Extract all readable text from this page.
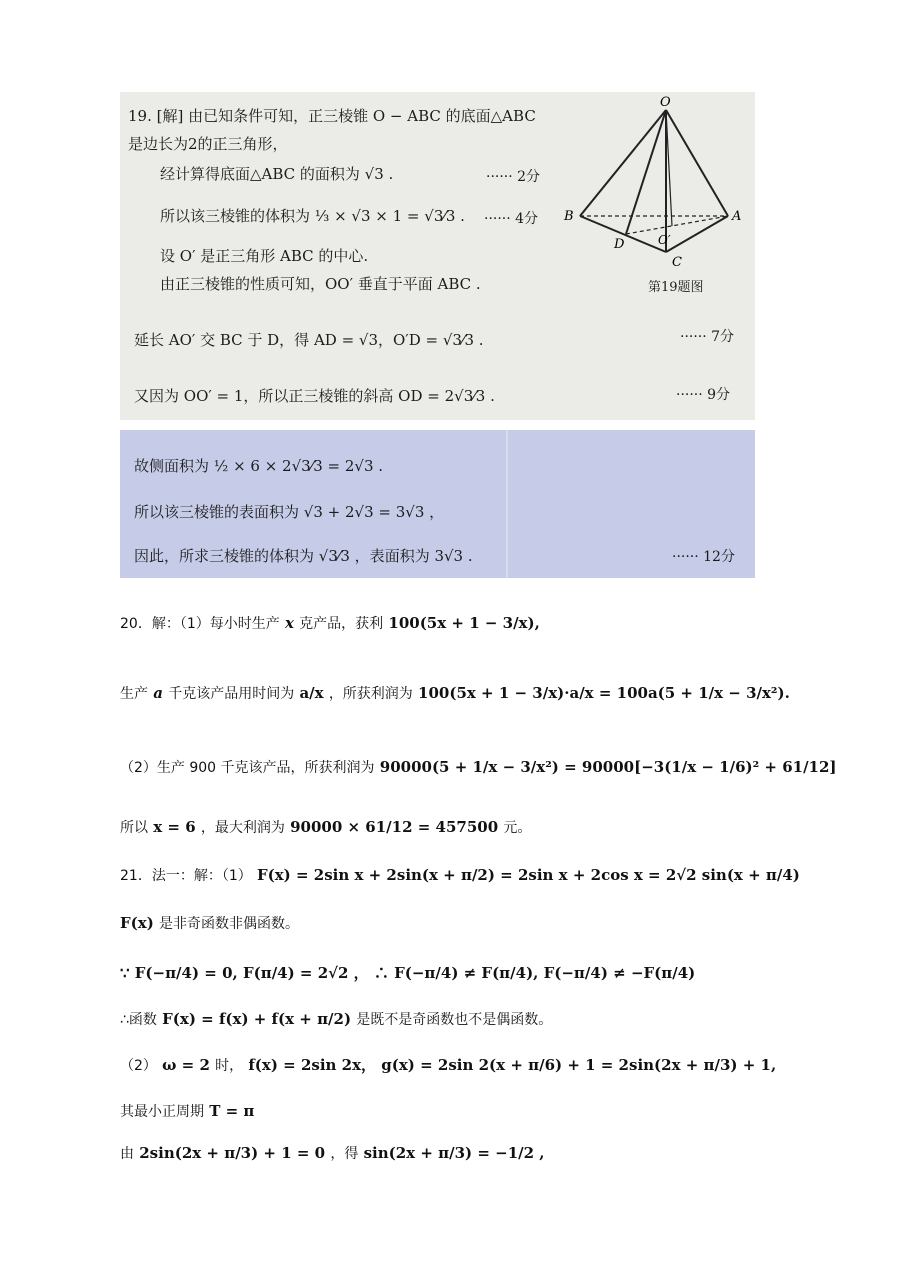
19. [解] 由已知条件可知，正三棱锥 O − ABC 的底面△ABC
是边长为2的正三角形，
经计算得底面△ABC 的面积为 √3 .	······ 2分
所以该三棱锥的体积为 ⅓ × √3 × 1 = √3⁄3 . ······ 4分
设 O′ 是正三角形 ABC 的中心.
由正三棱锥的性质可知，OO′ 垂直于平面 ABC .
延长 AO′ 交 BC 于 D，得 AD = √3，O′D = √3⁄3 .	······ 7分
又因为 OO′ = 1，所以正三棱锥的斜高 OD = 2√3⁄3 .	······ 9分
O
A
B
C
D	O′
第19题图
故侧面积为 ½ × 6 × 2√3⁄3 = 2√3 .
所以该三棱锥的表面积为 √3 + 2√3 = 3√3 ，
因此，所求三棱锥的体积为 √3⁄3 ，表面积为 3√3 .	······ 12分
20．解：（1）每小时生产 x 克产品，获利 100(5x + 1 − 3/x),
生产 a 千克该产品用时间为 a/x ，所获利润为 100(5x + 1 − 3/x)·a/x = 100a(5 + 1/x − 3/x²).
（2）生产 900 千克该产品，所获利润为 90000(5 + 1/x − 3/x²) = 90000[−3(1/x − 1/6)² + 61/12]
所以 x = 6 ，最大利润为 90000 × 61/12 = 457500 元。
21．法一：解：（1） F(x) = 2sin x + 2sin(x + π/2) = 2sin x + 2cos x = 2√2 sin(x + π/4)
F(x) 是非奇函数非偶函数。
∵ F(−π/4) = 0, F(π/4) = 2√2 ， ∴ F(−π/4) ≠ F(π/4), F(−π/4) ≠ −F(π/4)
∴函数 F(x) = f(x) + f(x + π/2) 是既不是奇函数也不是偶函数。
（2） ω = 2 时， f(x) = 2sin 2x， g(x) = 2sin 2(x + π/6) + 1 = 2sin(2x + π/3) + 1,
其最小正周期 T = π
由 2sin(2x + π/3) + 1 = 0 ，得 sin(2x + π/3) = −1/2 ,
